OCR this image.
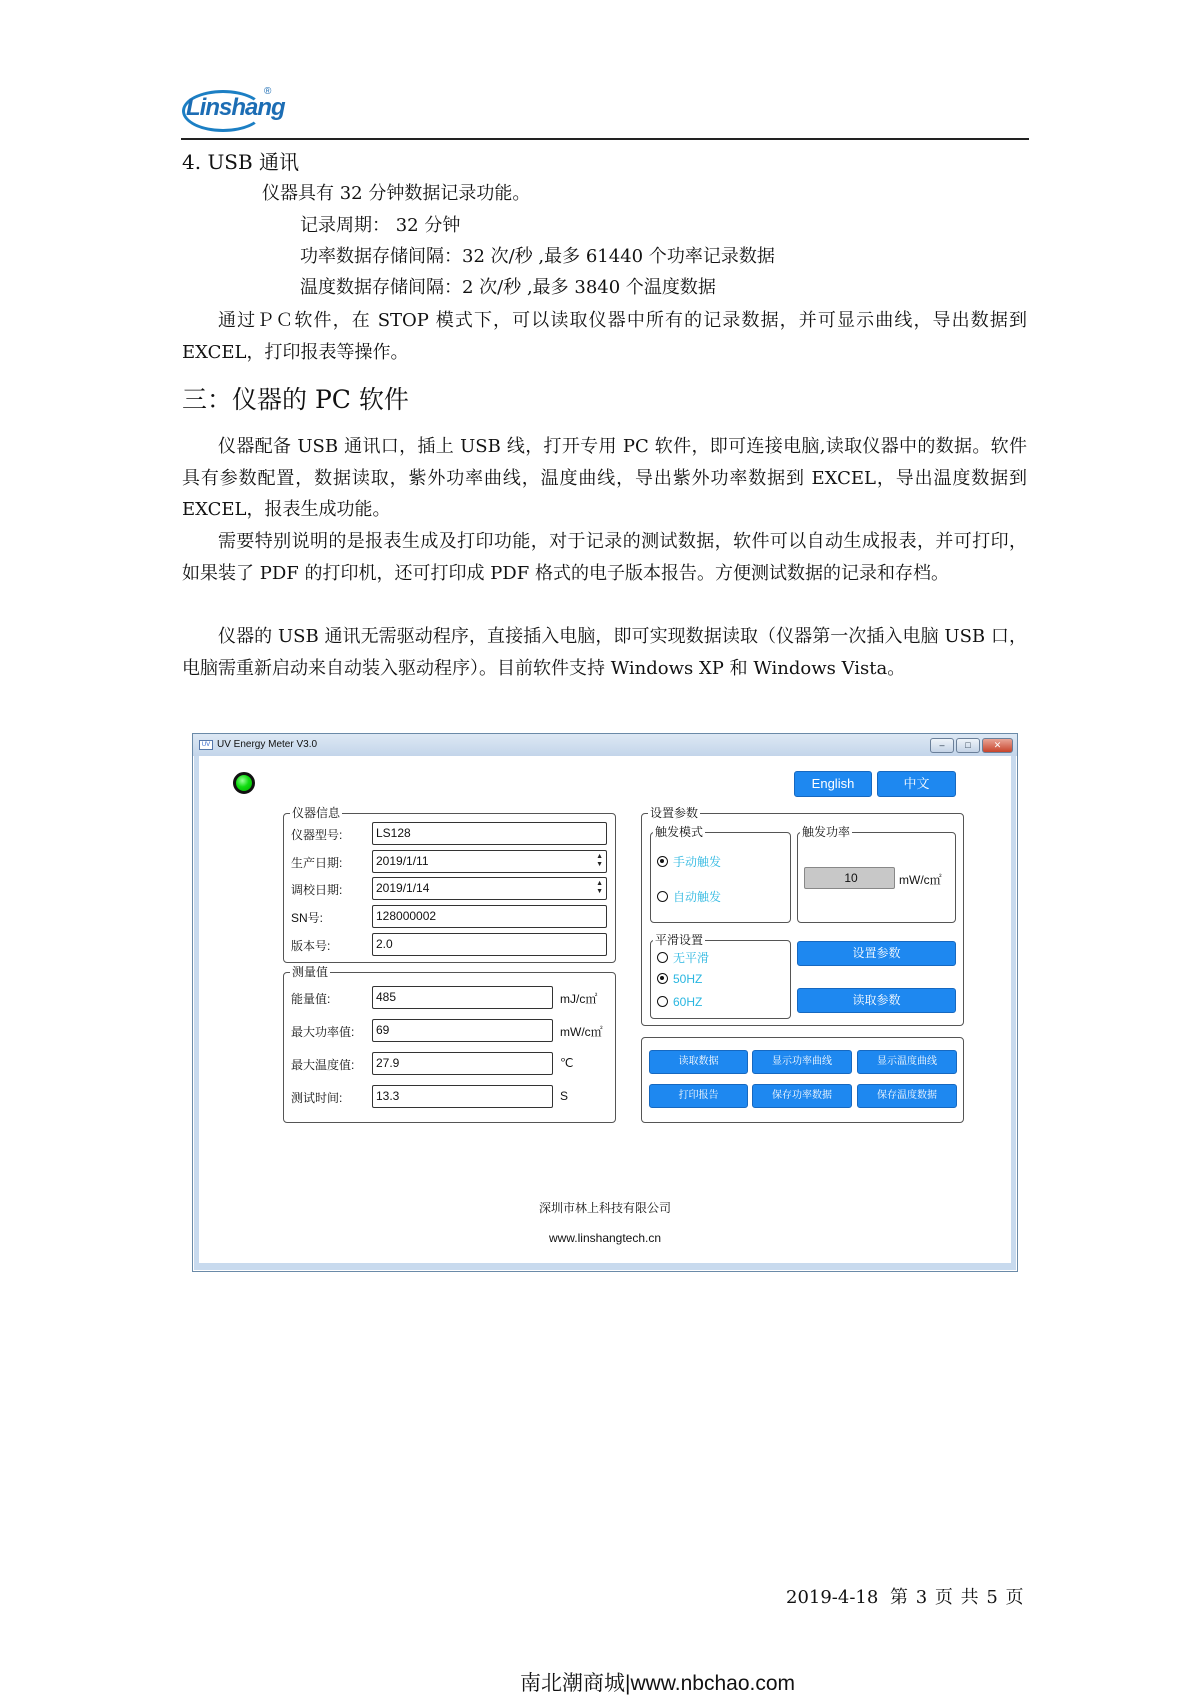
Linshang
®
4. USB 通讯
仪器具有 32 分钟数据记录功能。
记录周期： 32 分钟
功率数据存储间隔：32 次/秒 ,最多 61440 个功率记录数据
温度数据存储间隔：2 次/秒 ,最多 3840 个温度数据
通过ＰＣ软件，在 STOP 模式下，可以读取仪器中所有的记录数据，并可显示曲线，导出数据到 EXCEL，打印报表等操作。
三：仪器的 PC 软件
仪器配备 USB 通讯口，插上 USB 线，打开专用 PC 软件，即可连接电脑,读取仪器中的数据。软件具有参数配置，数据读取，紫外功率曲线，温度曲线，导出紫外功率数据到 EXCEL，导出温度数据到 EXCEL，报表生成功能。
需要特别说明的是报表生成及打印功能，对于记录的测试数据，软件可以自动生成报表，并可打印，如果装了 PDF 的打印机，还可打印成 PDF 格式的电子版本报告。方便测试数据的记录和存档。
仪器的 USB 通讯无需驱动程序，直接插入电脑，即可实现数据读取（仪器第一次插入电脑 USB 口，电脑需重新启动来自动装入驱动程序）。目前软件支持 Windows XP 和 Windows Vista。
UV UV Energy Meter V3.0	–	□	✕
English	中文
仪器信息
仪器型号:	LS128
生产日期:	2019/1/11	▲
▼
调校日期:	2019/1/14	▲
▼
SN号:	128000002
版本号:	2.0
测量值
能量值:	485	mJ/c㎡
最大功率值:	69	mW/c㎡
最大温度值:	27.9	℃
测试时间:	13.3	S
设置参数
触发模式
手动触发
自动触发
触发功率
10	mW/c㎡
平滑设置
无平滑
50HZ
60HZ
设置参数
读取参数
读取数据	显示功率曲线	显示温度曲线
打印报告	保存功率数据	保存温度数据
深圳市林上科技有限公司
www.linshangtech.cn
2019-4-18 第 3 页 共 5 页
南北潮商城|www.nbchao.com
